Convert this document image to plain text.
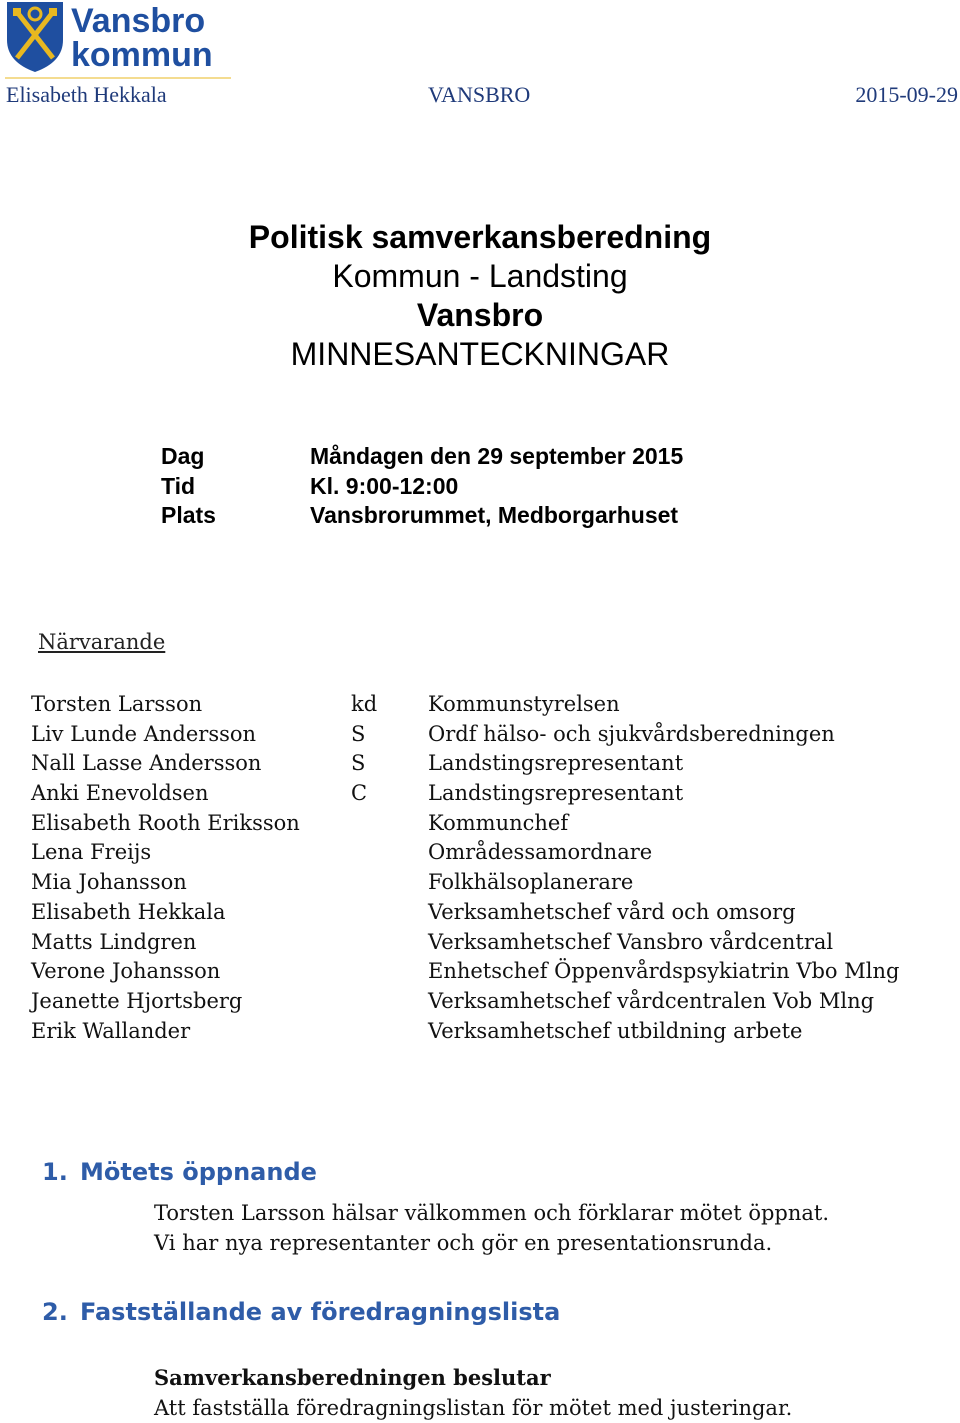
Vansbro
kommun
Elisabeth Hekkala	VANSBRO	2015-09-29
Politisk samverkansberedning
Kommun - Landsting
Vansbro
MINNESANTECKNINGAR
Dag	Måndagen den 29 september 2015
Tid	Kl. 9:00-12:00
Plats	Vansbrorummet, Medborgarhuset
Närvarande
Torsten Larsson	kd Kommunstyrelsen
Liv Lunde Andersson	S	Ordf hälso- och sjukvårdsberedningen
Nall Lasse Andersson	S	Landstingsrepresentant
Anki Enevoldsen	C	Landstingsrepresentant
Elisabeth Rooth Eriksson	Kommunchef
Lena Freijs	Områdessamordnare
Mia Johansson	Folkhälsoplanerare
Elisabeth Hekkala	Verksamhetschef vård och omsorg
Matts Lindgren	Verksamhetschef Vansbro vårdcentral
Verone Johansson	Enhetschef Öppenvårdspsykiatrin Vbo Mlng
Jeanette Hjortsberg	Verksamhetschef vårdcentralen Vob Mlng
Erik Wallander	Verksamhetschef utbildning arbete
1. Mötets öppnande
Torsten Larsson hälsar välkommen och förklarar mötet öppnat.
Vi har nya representanter och gör en presentationsrunda.
2. Fastställande av föredragningslista
Samverkansberedningen beslutar
Att fastställa föredragningslistan för mötet med justeringar.
